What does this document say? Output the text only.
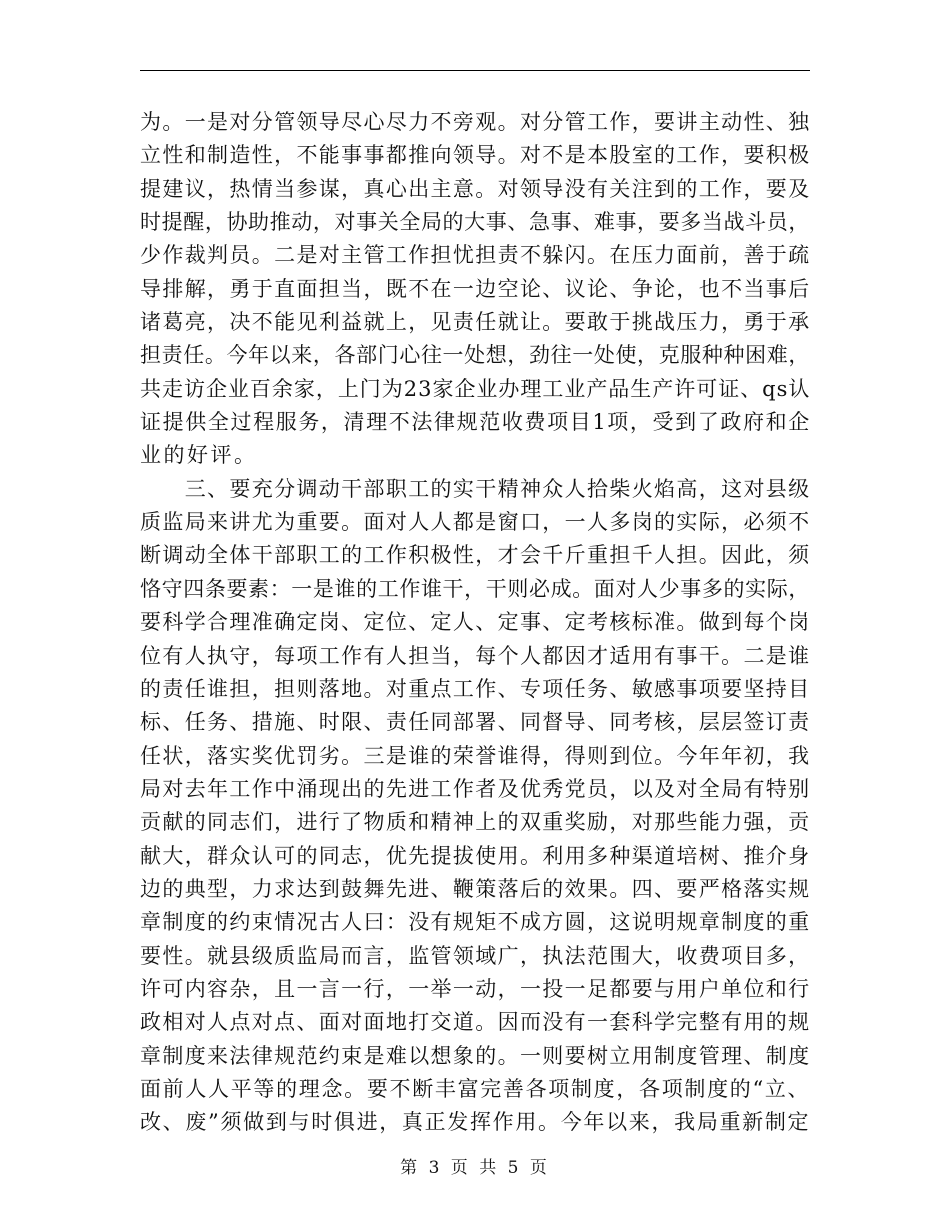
为。一是对分管领导尽心尽力不旁观。对分管工作，要讲主动性、独
立性和制造性，不能事事都推向领导。对不是本股室的工作，要积极
提建议，热情当参谋，真心出主意。对领导没有关注到的工作，要及
时提醒，协助推动，对事关全局的大事、急事、难事，要多当战斗员，
少作裁判员。二是对主管工作担忧担责不躲闪。在压力面前，善于疏
导排解，勇于直面担当，既不在一边空论、议论、争论，也不当事后
诸葛亮，决不能见利益就上，见责任就让。要敢于挑战压力，勇于承
担责任。今年以来，各部门心往一处想，劲往一处使，克服种种困难，
共走访企业百余家，上门为23家企业办理工业产品生产许可证、qs认
证提供全过程服务，清理不法律规范收费项目1项，受到了政府和企
业的好评。
　　三、要充分调动干部职工的实干精神众人拾柴火焰高，这对县级
质监局来讲尤为重要。面对人人都是窗口，一人多岗的实际，必须不
断调动全体干部职工的工作积极性，才会千斤重担千人担。因此，须
恪守四条要素：一是谁的工作谁干，干则必成。面对人少事多的实际，
要科学合理准确定岗、定位、定人、定事、定考核标准。做到每个岗
位有人执守，每项工作有人担当，每个人都因才适用有事干。二是谁
的责任谁担，担则落地。对重点工作、专项任务、敏感事项要坚持目
标、任务、措施、时限、责任同部署、同督导、同考核，层层签订责
任状，落实奖优罚劣。三是谁的荣誉谁得，得则到位。今年年初，我
局对去年工作中涌现出的先进工作者及优秀党员，以及对全局有特别
贡献的同志们，进行了物质和精神上的双重奖励，对那些能力强，贡
献大，群众认可的同志，优先提拔使用。利用多种渠道培树、推介身
边的典型，力求达到鼓舞先进、鞭策落后的效果。四、要严格落实规
章制度的约束情况古人曰：没有规矩不成方圆，这说明规章制度的重
要性。就县级质监局而言，监管领域广，执法范围大，收费项目多，
许可内容杂，且一言一行，一举一动，一投一足都要与用户单位和行
政相对人点对点、面对面地打交道。因而没有一套科学完整有用的规
章制度来法律规范约束是难以想象的。一则要树立用制度管理、制度
面前人人平等的理念。要不断丰富完善各项制度，各项制度的“立、
改、废”须做到与时俱进，真正发挥作用。今年以来，我局重新制定
第 3 页 共 5 页
